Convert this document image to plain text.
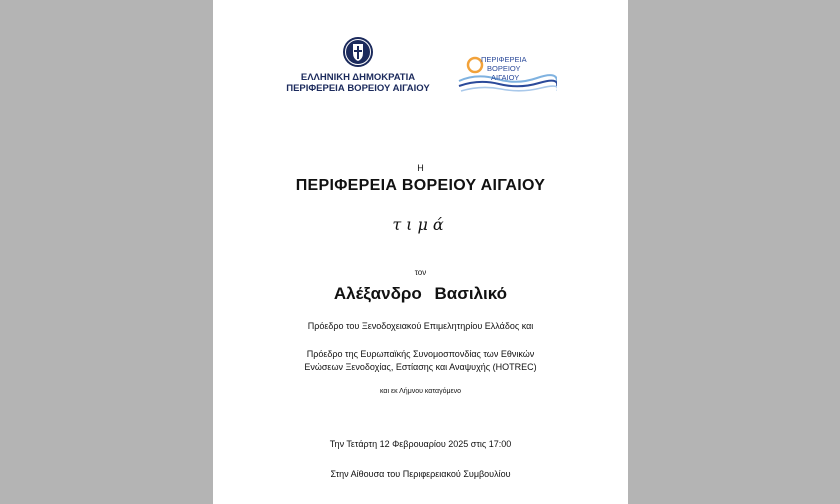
ΕΛΛΗΝΙΚΗ ΔΗΜΟΚΡΑΤΙΑ
ΠΕΡΙΦΕΡΕΙΑ ΒΟΡΕΙΟΥ ΑΙΓΑΙΟΥ
ΠΕΡΙΦΕΡΕΙΑ
ΒΟΡΕΙΟΥ
ΑΙΓΑΙΟΥ
Η
ΠΕΡΙΦΕΡΕΙΑ ΒΟΡΕΙΟΥ ΑΙΓΑΙΟΥ
τιμά
τον
Αλέξανδρο Βασιλικό
Πρόεδρο του Ξενοδοχειακού Επιμελητηρίου Ελλάδος και
Πρόεδρο της Ευρωπαϊκής Συνομοσπονδίας των Εθνικών
Ενώσεων Ξενοδοχίας, Εστίασης και Αναψυχής (HOTREC)
και εκ Λήμνου καταγόμενο
Την Τετάρτη 12 Φεβρουαρίου 2025 στις 17:00
Στην Αίθουσα του Περιφερειακού Συμβουλίου
